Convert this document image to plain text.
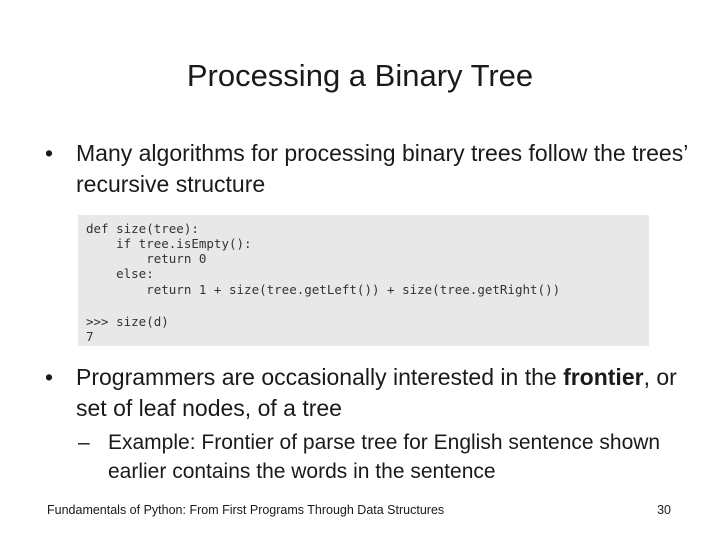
Processing a Binary Tree
• Many algorithms for processing binary trees follow the trees’ recursive structure
def size(tree):
if tree.isEmpty():
return 0
else:
return 1 + size(tree.getLeft()) + size(tree.getRight())
>>> size(d)
7
• Programmers are occasionally interested in the frontier, or set of leaf nodes, of a tree
– Example: Frontier of parse tree for English sentence shown earlier contains the words in the sentence
Fundamentals of Python: From First Programs Through Data Structures	30
